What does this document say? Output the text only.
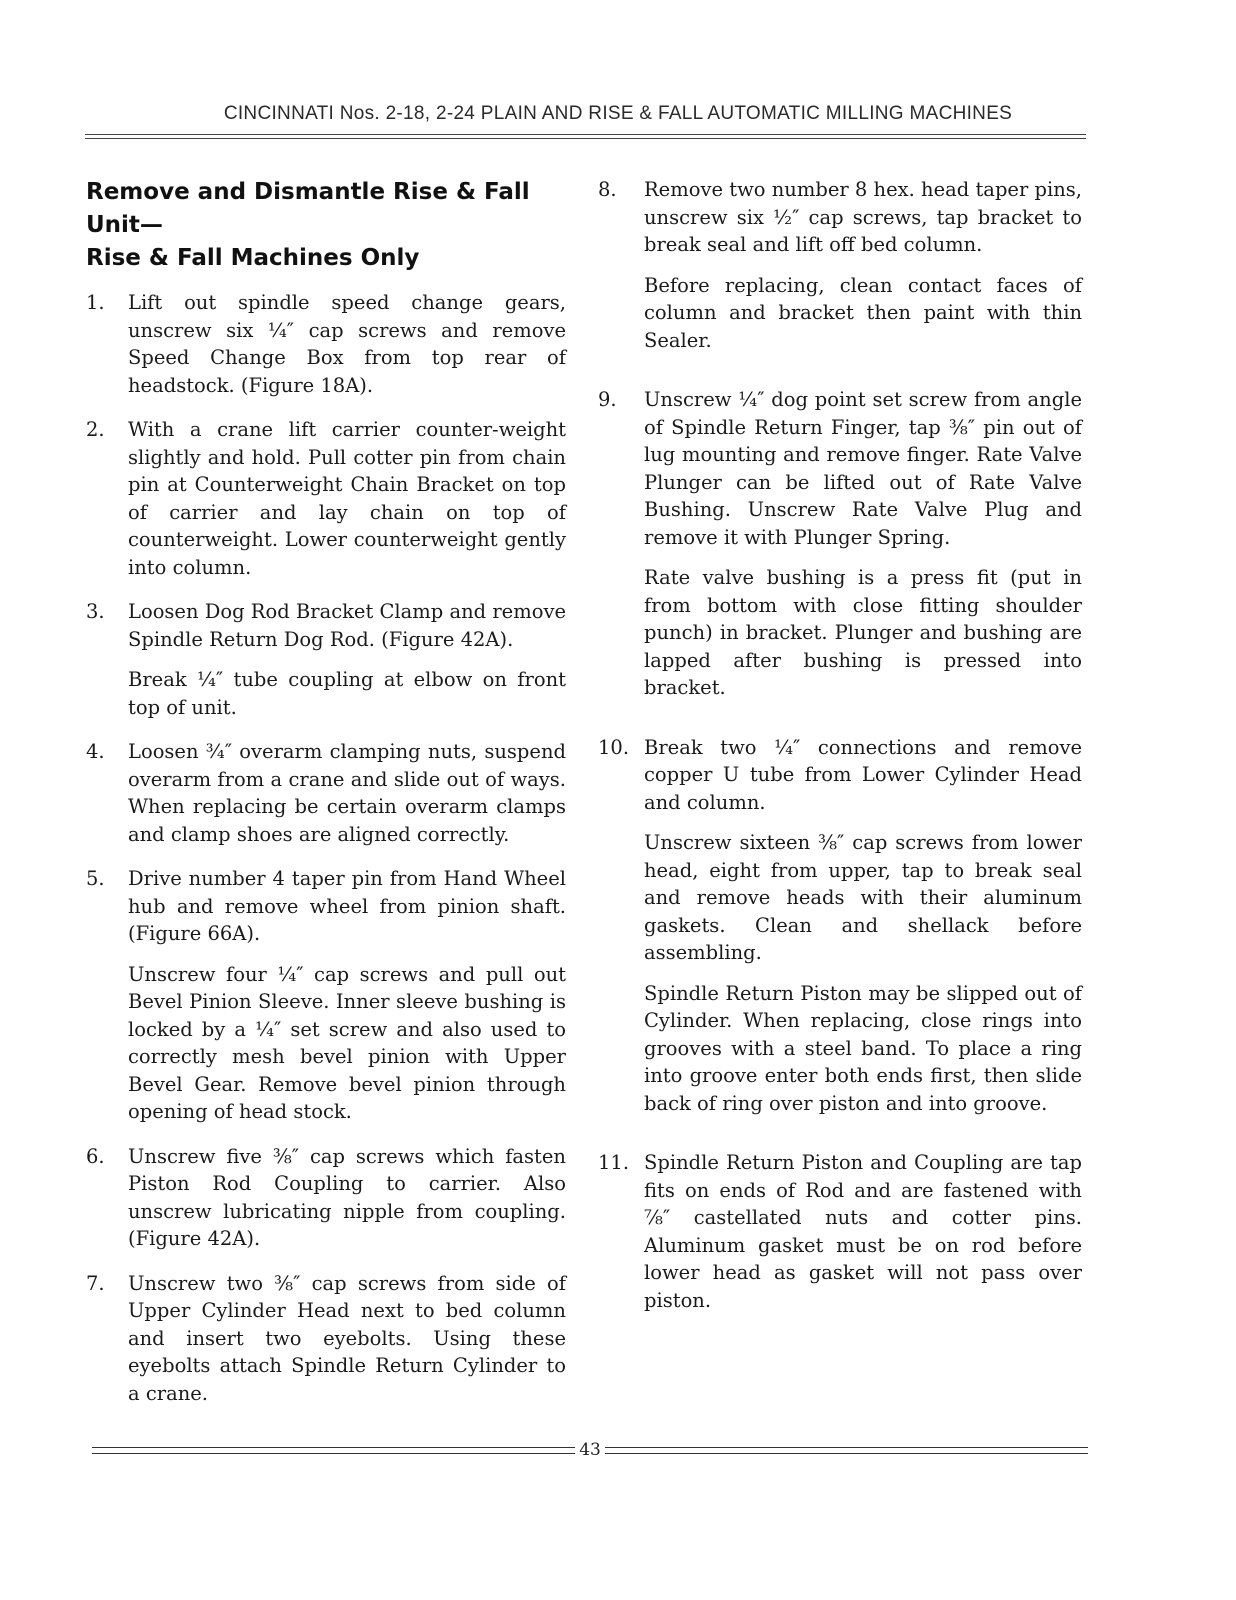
CINCINNATI Nos. 2-18, 2-24 PLAIN AND RISE & FALL AUTOMATIC MILLING MACHINES
Remove and Dismantle Rise & Fall Unit—
Rise & Fall Machines Only
1.	Lift out spindle speed change gears, unscrew six ¼″ cap screws and remove Speed Change Box from top rear of headstock. (Figure 18A).

2.	With a crane lift carrier counter-weight slightly and hold. Pull cotter pin from chain pin at Counterweight Chain Bracket on top of carrier and lay chain on top of counterweight. Lower counterweight gently into column.

3.	Loosen Dog Rod Bracket Clamp and remove Spindle Return Dog Rod. (Figure 42A).

Break ¼″ tube coupling at elbow on front top of unit.

4.	Loosen ¾″ overarm clamping nuts, suspend overarm from a crane and slide out of ways. When replacing be certain overarm clamps and clamp shoes are aligned correctly.

5.	Drive number 4 taper pin from Hand Wheel hub and remove wheel from pinion shaft. (Figure 66A).

Unscrew four ¼″ cap screws and pull out Bevel Pinion Sleeve. Inner sleeve bushing is locked by a ¼″ set screw and also used to correctly mesh bevel pinion with Upper Bevel Gear. Remove bevel pinion through opening of head stock.

6.	Unscrew five ⅜″ cap screws which fasten Piston Rod Coupling to carrier. Also unscrew lubricating nipple from coupling. (Figure 42A).

7.	Unscrew two ⅜″ cap screws from side of Upper Cylinder Head next to bed column and insert two eyebolts. Using these eyebolts attach Spindle Return Cylinder to a crane.

8.	Remove two number 8 hex. head taper pins, unscrew six ½″ cap screws, tap bracket to break seal and lift off bed column.

Before replacing, clean contact faces of column and bracket then paint with thin Sealer.

9.	Unscrew ¼″ dog point set screw from angle of Spindle Return Finger, tap ⅜″ pin out of lug mounting and remove finger. Rate Valve Plunger can be lifted out of Rate Valve Bushing. Unscrew Rate Valve Plug and remove it with Plunger Spring.

Rate valve bushing is a press fit (put in from bottom with close fitting shoulder punch) in bracket. Plunger and bushing are lapped after bushing is pressed into bracket.

10. Break two ¼″ connections and remove copper U tube from Lower Cylinder Head and column.

Unscrew sixteen ⅜″ cap screws from lower head, eight from upper, tap to break seal and remove heads with their aluminum gaskets. Clean and shellack before assembling.

Spindle Return Piston may be slipped out of Cylinder. When replacing, close rings into grooves with a steel band. To place a ring into groove enter both ends first, then slide back of ring over piston and into groove.

11. Spindle Return Piston and Coupling are tap fits on ends of Rod and are fastened with ⅞″ castellated nuts and cotter pins. Aluminum gasket must be on rod before lower head as gasket will not pass over piston.

43
